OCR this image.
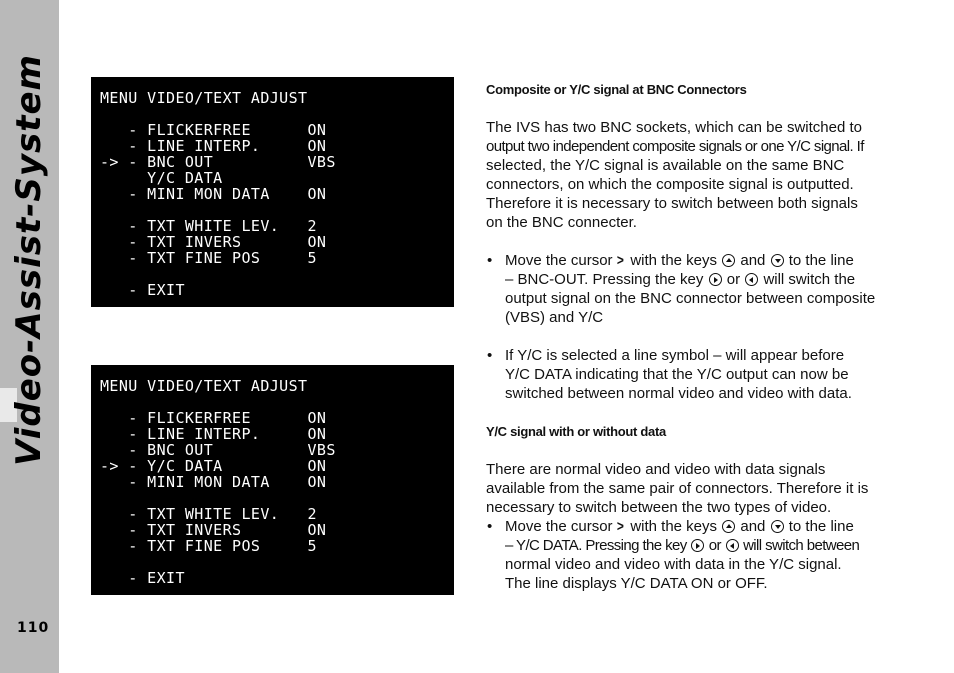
Video-Assist-System
110
MENU VIDEO/TEXT ADJUST
- FLICKERFREE      ON
- LINE INTERP.     ON
-> - BNC OUT          VBS
Y/C DATA
- MINI MON DATA    ON
- TXT WHITE LEV.   2
- TXT INVERS       ON
- TXT FINE POS     5
- EXIT
MENU VIDEO/TEXT ADJUST
- FLICKERFREE      ON
- LINE INTERP.     ON
- BNC OUT          VBS
-> - Y/C DATA         ON
- MINI MON DATA    ON
- TXT WHITE LEV.   2
- TXT INVERS       ON
- TXT FINE POS     5
- EXIT

Composite or Y/C signal at BNC Connectors

The IVS has two BNC sockets, which can be switched to
output two independent composite signals or one Y/C signal. If
selected, the Y/C signal is available on the same BNC
connectors, on which the composite signal is outputted.
Therefore it is necessary to switch between both signals
on the BNC connecter.
• Move the cursor > with the keys and to the line
– BNC-OUT. Pressing the key or will switch the
output signal on the BNC connector between composite
(VBS) and Y/C
• If Y/C is selected a line symbol – will appear before
Y/C DATA indicating that the Y/C output can now be
switched between normal video and video with data.

Y/C signal with or without data

There are normal video and video with data signals
available from the same pair of connectors. Therefore it is
necessary to switch between the two types of video.
• Move the cursor > with the keys and to the line
– Y/C DATA. Pressing the key or will switch between
normal video and video with data in the Y/C signal.
The line displays Y/C DATA ON or OFF.
